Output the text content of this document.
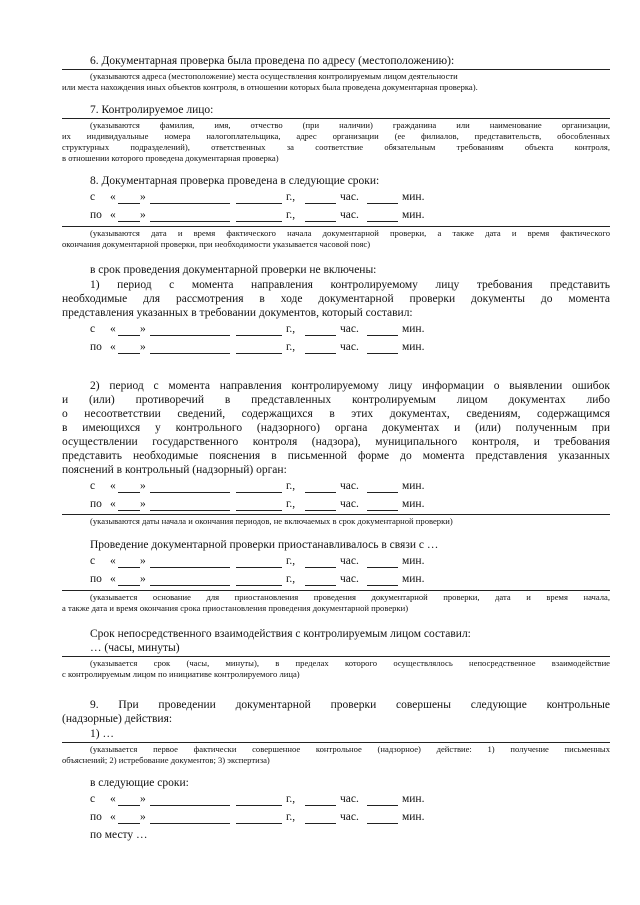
6. Документарная проверка была проведена по адресу (местоположению):
(указываются адреса (местоположение) места осуществления контролируемым лицом деятельности
или места нахождения иных объектов контроля, в отношении которых была проведена документарная проверка).
7. Контролируемое лицо:
(указываются фамилия, имя, отчество (при наличии) гражданина или наименование организации,
их индивидуальные номера налогоплательщика, адрес организации (ее филиалов, представительств, обособленных
структурных подразделений), ответственных за соответствие обязательным требованиям объекта контроля,
в отношении которого проведена документарная проверка)
8. Документарная проверка проведена в следующие сроки:
с « »	г.,	час.	мин.
по « »	г.,	час.	мин.
(указываются дата и время фактического начала документарной проверки, а также дата и время фактического
окончания документарной проверки, при необходимости указывается часовой пояс)
в срок проведения документарной проверки не включены:
1) период с момента направления контролируемому лицу требования представить
необходимые для рассмотрения в ходе документарной проверки документы до момента
представления указанных в требовании документов, который составил:
с « »	г.,	час.	мин.
по « »	г.,	час.	мин.
2) период с момента направления контролируемому лицу информации о выявлении ошибок
и (или) противоречий в представленных контролируемым лицом документах либо
о несоответствии сведений, содержащихся в этих документах, сведениям, содержащимся
в имеющихся у контрольного (надзорного) органа документах и (или) полученным при
осуществлении государственного контроля (надзора), муниципального контроля, и требования
представить необходимые пояснения в письменной форме до момента представления указанных
пояснений в контрольный (надзорный) орган:
с « »	г.,	час.	мин.
по « »	г.,	час.	мин.
(указываются даты начала и окончания периодов, не включаемых в срок документарной проверки)
Проведение документарной проверки приостанавливалось в связи с …
с « »	г.,	час.	мин.
по « »	г.,	час.	мин.
(указывается основание для приостановления проведения документарной проверки, дата и время начала,
а также дата и время окончания срока приостановления проведения документарной проверки)
Срок непосредственного взаимодействия с контролируемым лицом составил:
… (часы, минуты)
(указывается срок (часы, минуты), в пределах которого осуществлялось непосредственное взаимодействие
с контролируемым лицом по инициативе контролируемого лица)
9. При проведении документарной проверки совершены следующие контрольные
(надзорные) действия:
1) …
(указывается первое фактически совершенное контрольное (надзорное) действие: 1) получение письменных
объяснений; 2) истребование документов; 3) экспертиза)
в следующие сроки:
с « »	г.,	час.	мин.
по « »	г.,	час.	мин.
по месту …
